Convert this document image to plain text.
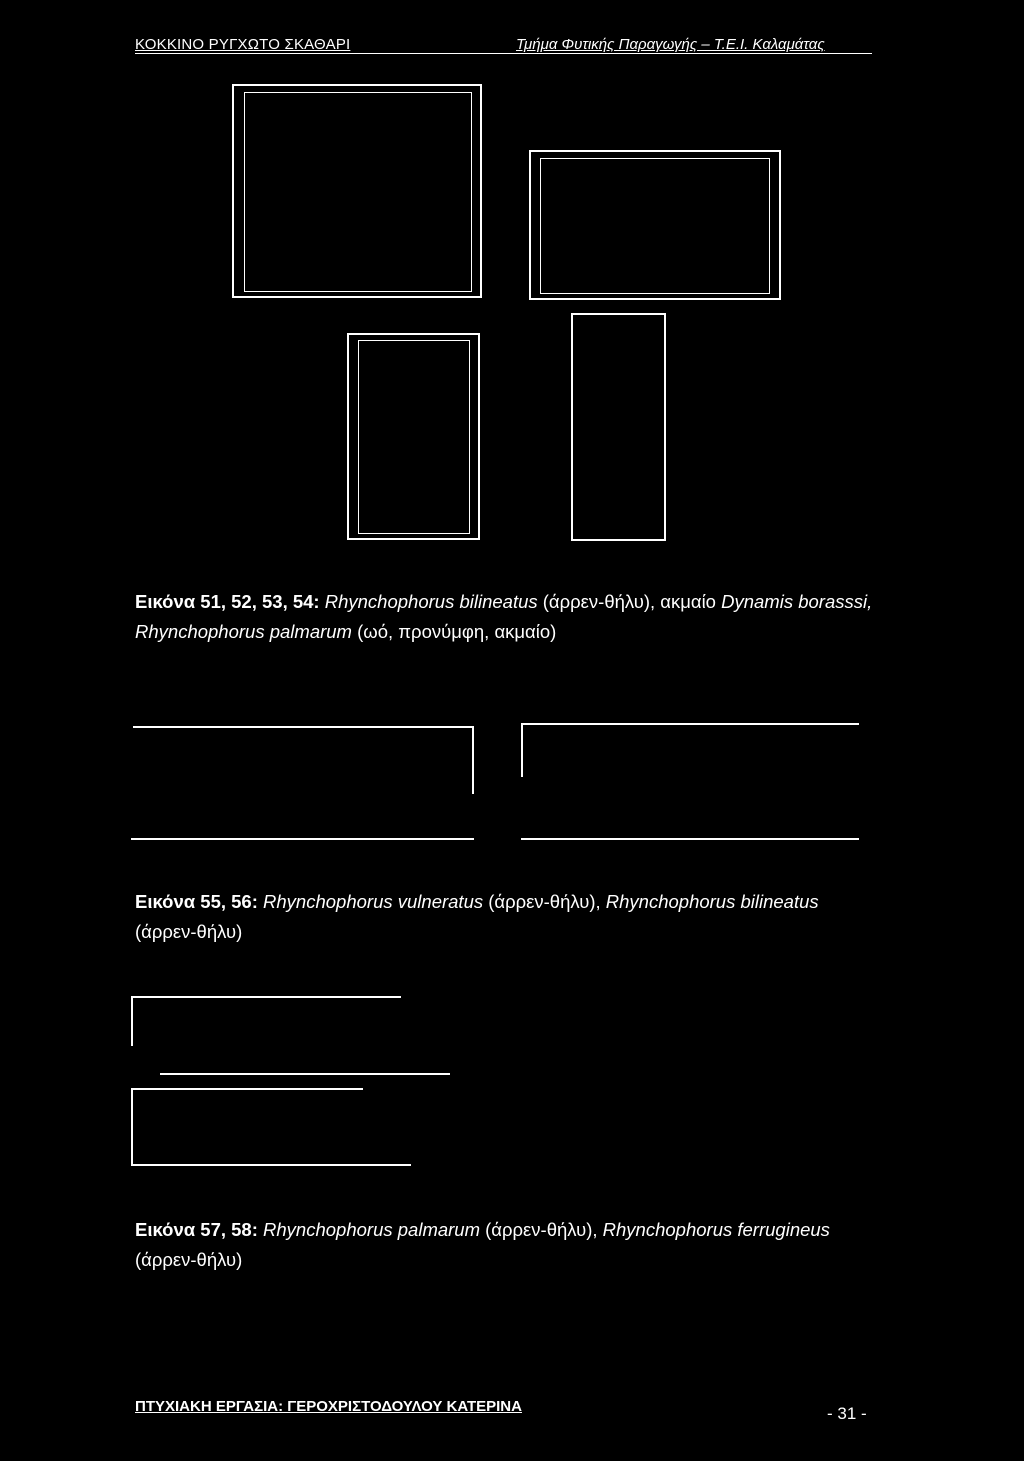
ΚΟΚΚΙΝΟ ΡΥΓΧΩΤΟ ΣΚΑΘΑΡΙ	Τμήμα Φυτικής Παραγωγής – Τ.Ε.Ι. Καλαμάτας
Εικόνα 51, 52, 53, 54: Rhynchophorus bilineatus (άρρεν-θήλυ), ακμαίο Dynamis borasssi, Rhynchophorus palmarum (ωό, προνύμφη, ακμαίο)
Εικόνα 55, 56: Rhynchophorus vulneratus (άρρεν-θήλυ), Rhynchophorus bilineatus (άρρεν-θήλυ)
Εικόνα 57, 58: Rhynchophorus palmarum (άρρεν-θήλυ), Rhynchophorus ferrugineus (άρρεν-θήλυ)
ΠΤΥΧΙΑΚΗ ΕΡΓΑΣΙΑ: ΓΕΡΟΧΡΙΣΤΟΔΟΥΛΟΥ ΚΑΤΕΡΙΝΑ	- 31 -
